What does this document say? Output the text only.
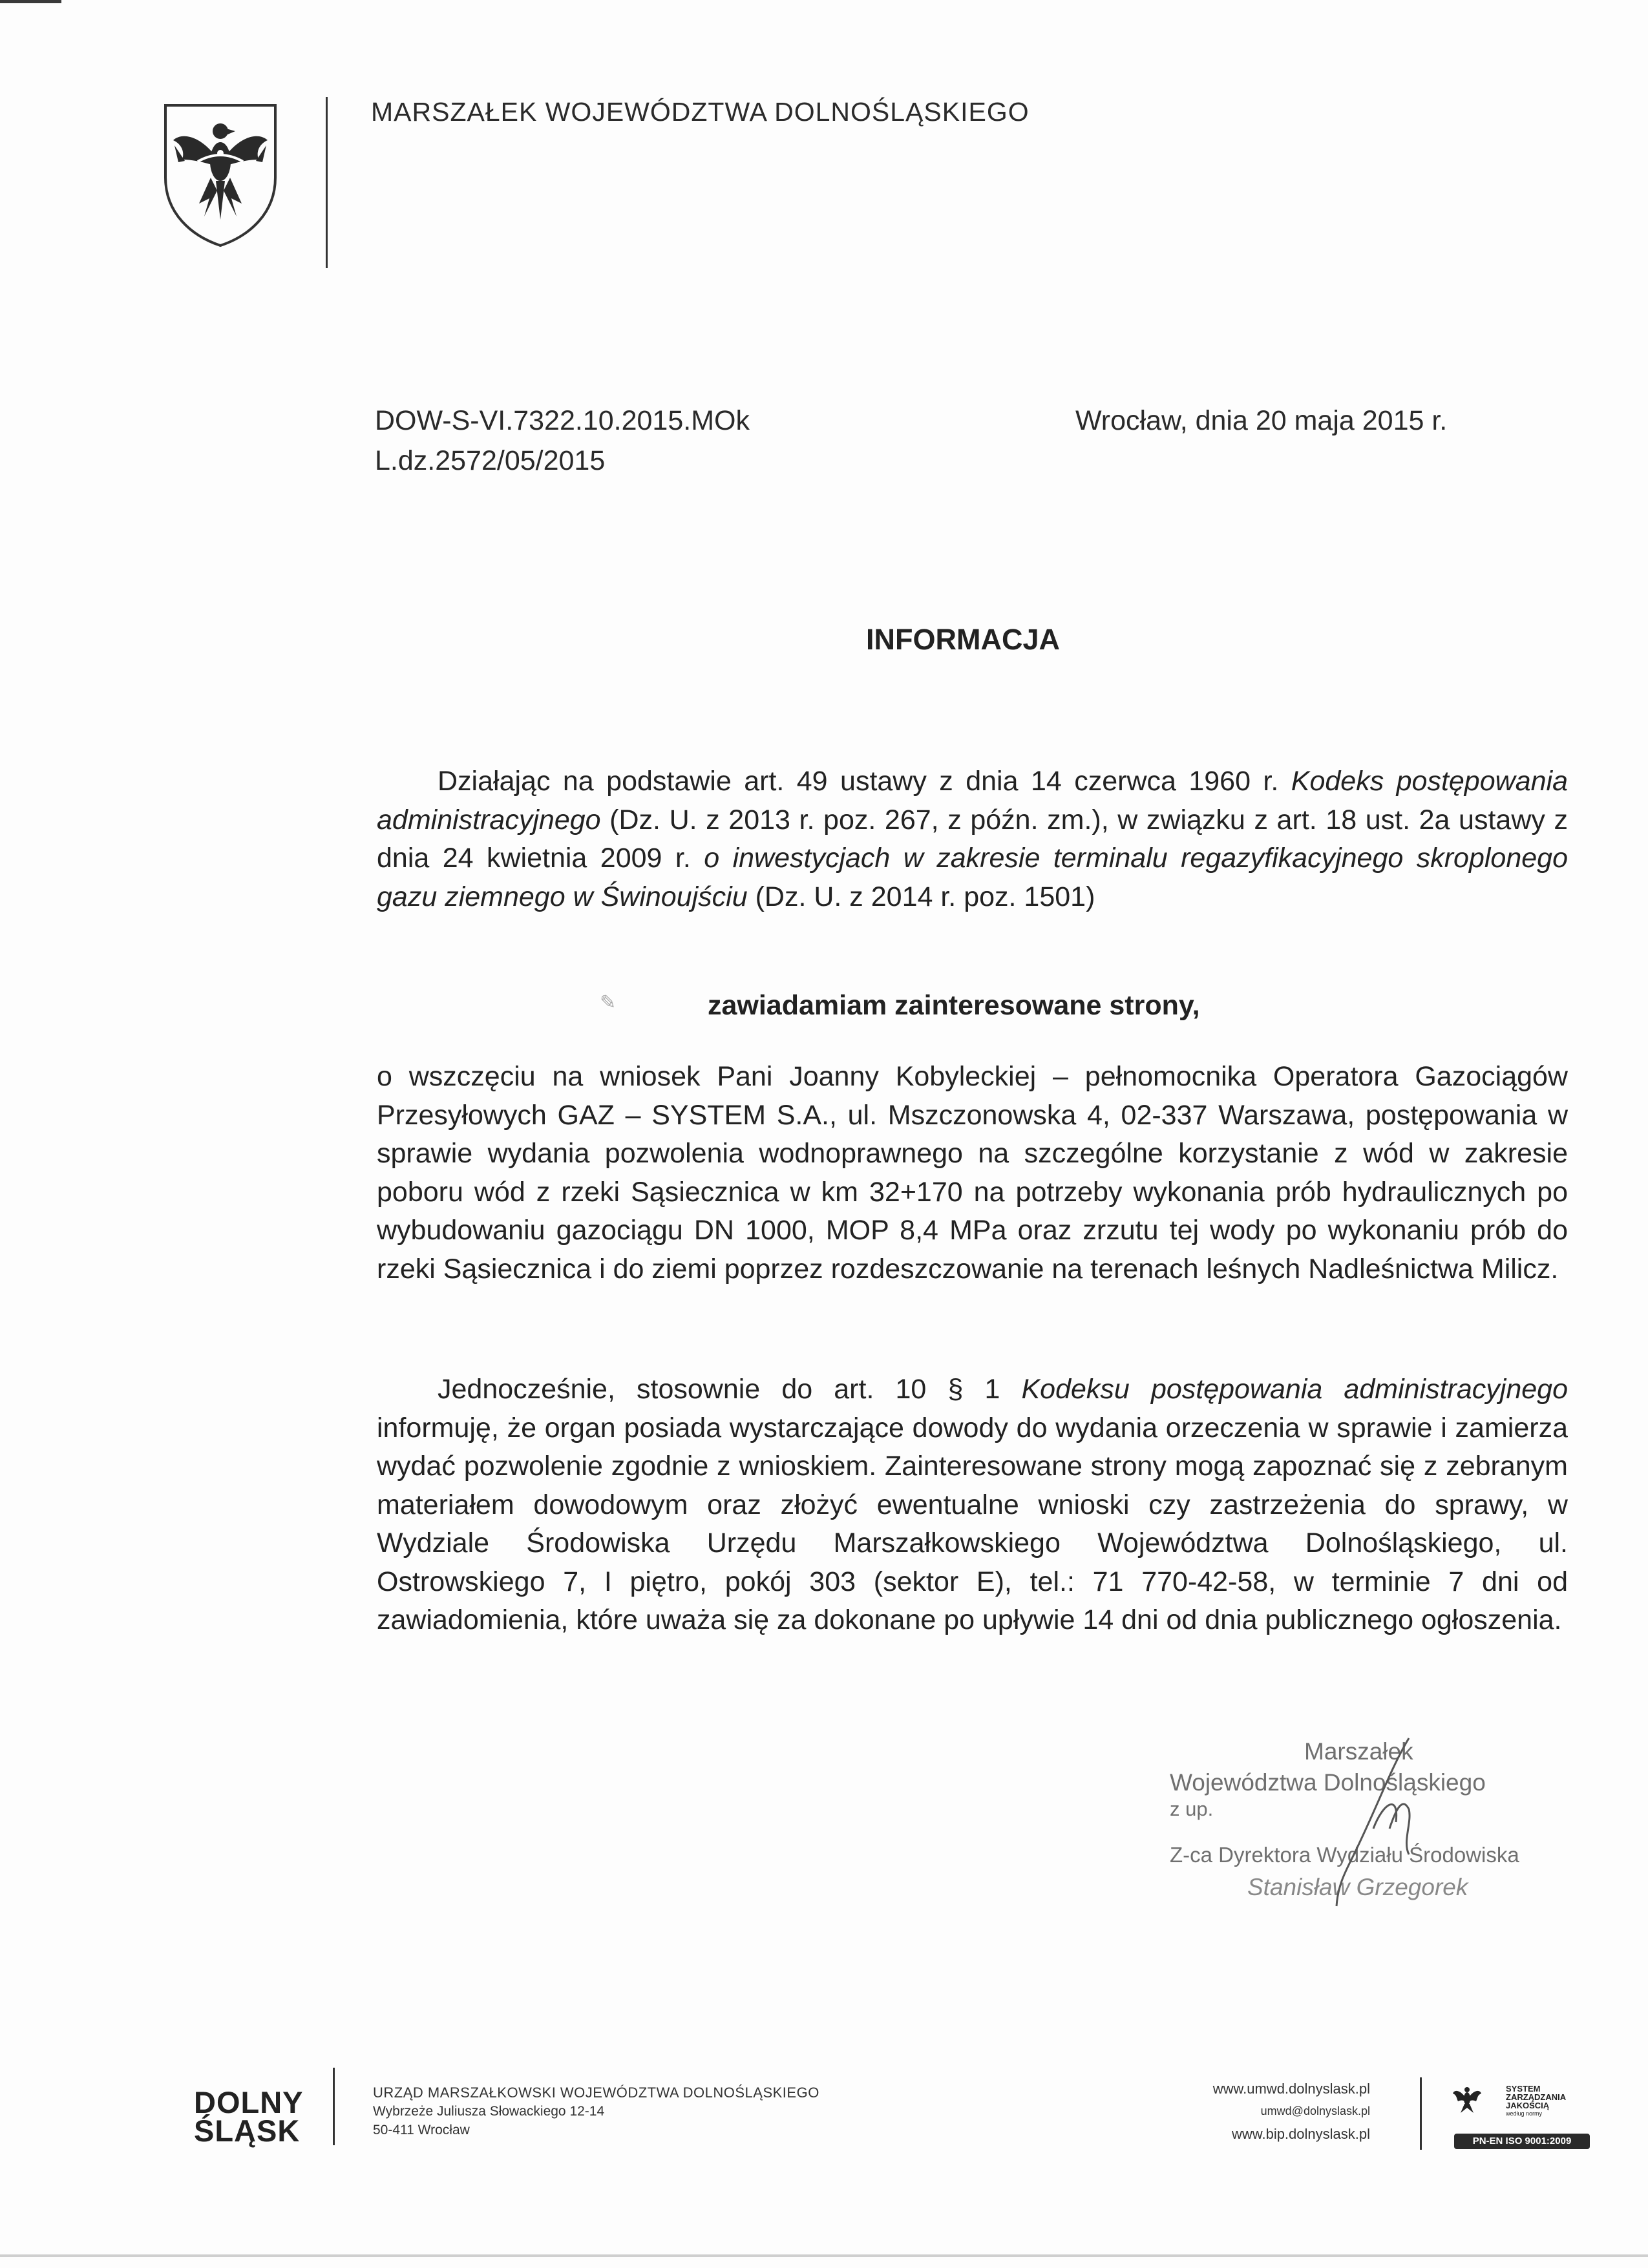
MARSZAŁEK WOJEWÓDZTWA DOLNOŚLĄSKIEGO
DOW-S-VI.7322.10.2015.MOk
L.dz.2572/05/2015
Wrocław, dnia 20 maja 2015 r.
INFORMACJA

Działając na podstawie art. 49 ustawy z dnia 14 czerwca 1960 r. Kodeks postępowania administracyjnego (Dz. U. z 2013 r. poz. 267, z późn. zm.), w związku z art. 18 ust. 2a ustawy z dnia 24 kwietnia 2009 r. o inwestycjach w zakresie terminalu regazyfikacyjnego skroplonego gazu ziemnego w Świnoujściu (Dz. U. z 2014 r. poz. 1501)

✎	zawiadamiam zainteresowane strony,

o wszczęciu na wniosek Pani Joanny Kobyleckiej – pełnomocnika Operatora Gazociągów Przesyłowych GAZ – SYSTEM S.A., ul. Mszczonowska 4, 02-337 Warszawa, postępowania w sprawie wydania pozwolenia wodnoprawnego na szczególne korzystanie z wód w zakresie poboru wód z rzeki Sąsiecznica w km 32+170 na potrzeby wykonania prób hydraulicznych po wybudowaniu gazociągu DN 1000, MOP 8,4 MPa oraz zrzutu tej wody po wykonaniu prób do rzeki Sąsiecznica i do ziemi poprzez rozdeszczowanie na terenach leśnych Nadleśnictwa Milicz.

Jednocześnie, stosownie do art. 10 § 1 Kodeksu postępowania administracyjnego informuję, że organ posiada wystarczające dowody do wydania orzeczenia w sprawie i zamierza wydać pozwolenie zgodnie z wnioskiem. Zainteresowane strony mogą zapoznać się z zebranym materiałem dowodowym oraz złożyć ewentualne wnioski czy zastrzeżenia do sprawy, w Wydziale Środowiska Urzędu Marszałkowskiego Województwa Dolnośląskiego, ul. Ostrowskiego 7, I piętro, pokój 303 (sektor E), tel.: 71 770-42-58, w terminie 7 dni od zawiadomienia, które uważa się za dokonane po upływie 14 dni od dnia publicznego ogłoszenia.

Marszałek
Województwa Dolnośląskiego
z up.
Z-ca Dyrektora Wydziału Środowiska
Stanisław Grzegorek
DOLNY
ŚLĄSK
URZĄD MARSZAŁKOWSKI WOJEWÓDZTWA DOLNOŚLĄSKIEGO
Wybrzeże Juliusza Słowackiego 12-14
50-411 Wrocław
www.umwd.dolnyslask.pl
umwd@dolnyslask.pl
www.bip.dolnyslask.pl
SYSTEM
ZARZĄDZANIA
JAKOŚCIĄ
według normy
PN-EN ISO 9001:2009
